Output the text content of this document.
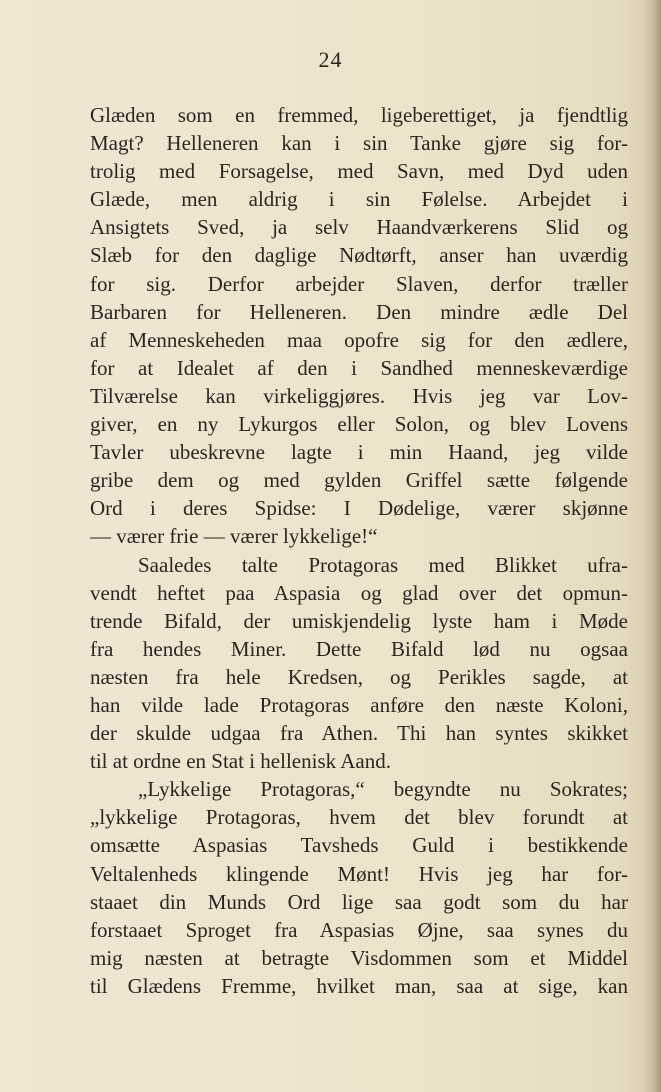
24
Glæden som en fremmed, ligeberettiget, ja fjendtlig
Magt? Helleneren kan i sin Tanke gjøre sig for-
trolig med Forsagelse, med Savn, med Dyd uden
Glæde, men aldrig i sin Følelse. Arbejdet i
Ansigtets Sved, ja selv Haandværkerens Slid og
Slæb for den daglige Nødtørft, anser han uværdig
for sig. Derfor arbejder Slaven, derfor træller
Barbaren for Helleneren. Den mindre ædle Del
af Menneskeheden maa opofre sig for den ædlere,
for at Idealet af den i Sandhed menneskeværdige
Tilværelse kan virkeliggjøres. Hvis jeg var Lov-
giver, en ny Lykurgos eller Solon, og blev Lovens
Tavler ubeskrevne lagte i min Haand, jeg vilde
gribe dem og med gylden Griffel sætte følgende
Ord i deres Spidse: I Dødelige, værer skjønne
— værer frie — værer lykkelige!“
Saaledes talte Protagoras med Blikket ufra-
vendt heftet paa Aspasia og glad over det opmun-
trende Bifald, der umiskjendelig lyste ham i Møde
fra hendes Miner. Dette Bifald lød nu ogsaa
næsten fra hele Kredsen, og Perikles sagde, at
han vilde lade Protagoras anføre den næste Koloni,
der skulde udgaa fra Athen. Thi han syntes skikket
til at ordne en Stat i hellenisk Aand.
„Lykkelige Protagoras,“ begyndte nu Sokrates;
„lykkelige Protagoras, hvem det blev forundt at
omsætte Aspasias Tavsheds Guld i bestikkende
Veltalenheds klingende Mønt! Hvis jeg har for-
staaet din Munds Ord lige saa godt som du har
forstaaet Sproget fra Aspasias Øjne, saa synes du
mig næsten at betragte Visdommen som et Middel
til Glædens Fremme, hvilket man, saa at sige, kan
